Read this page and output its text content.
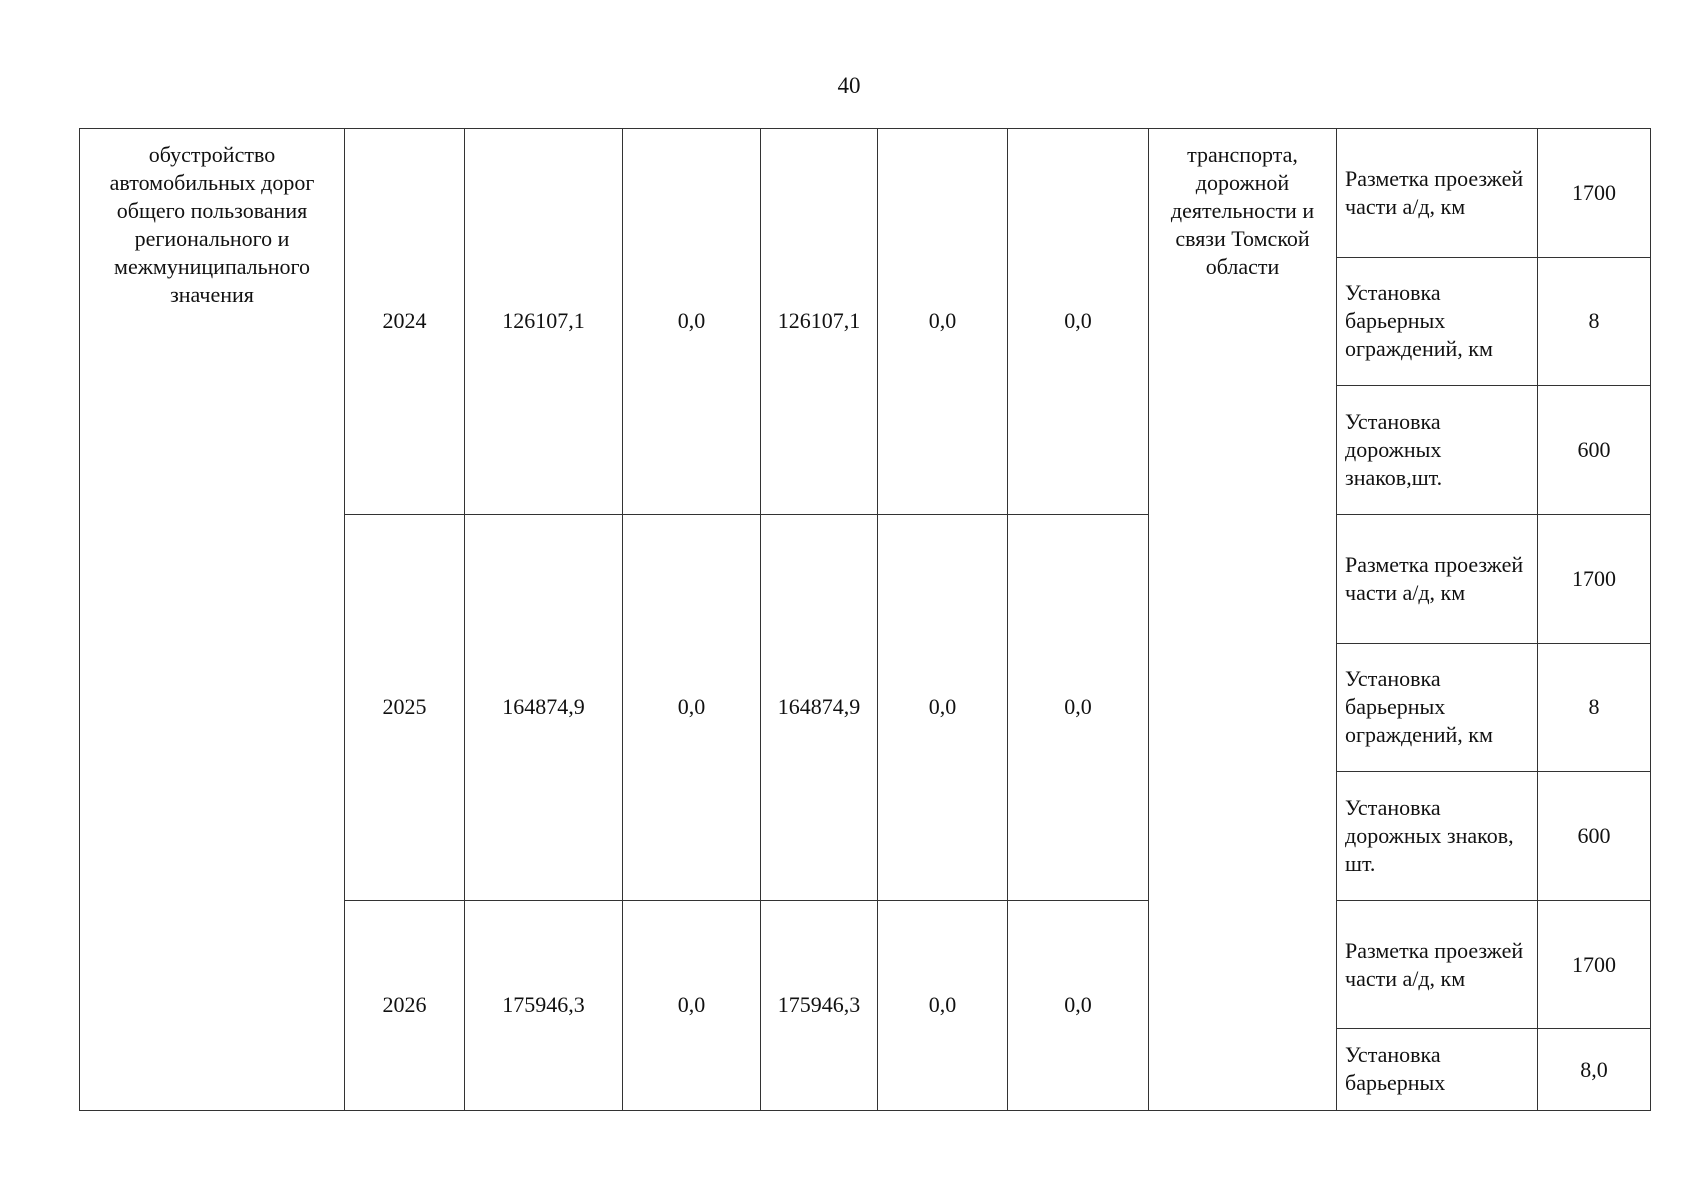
40
обустройство автомобильных дорог общего пользования регионального и межмуниципального значения	2024	126107,1	0,0	126107,1	0,0	0,0	транспорта, дорожной деятельности и связи Томской области	Разметка проезжей части а/д, км	1700
								Установка барьерных ограждений, км	8
								Установка дорожных знаков,шт.	600
	2025	164874,9	0,0	164874,9	0,0	0,0		Разметка проезжей части а/д, км	1700
								Установка барьерных ограждений, км	8
								Установка дорожных знаков, шт.	600
	2026	175946,3	0,0	175946,3	0,0	0,0		Разметка проезжей части а/д, км	1700
								Установка барьерных	8,0
